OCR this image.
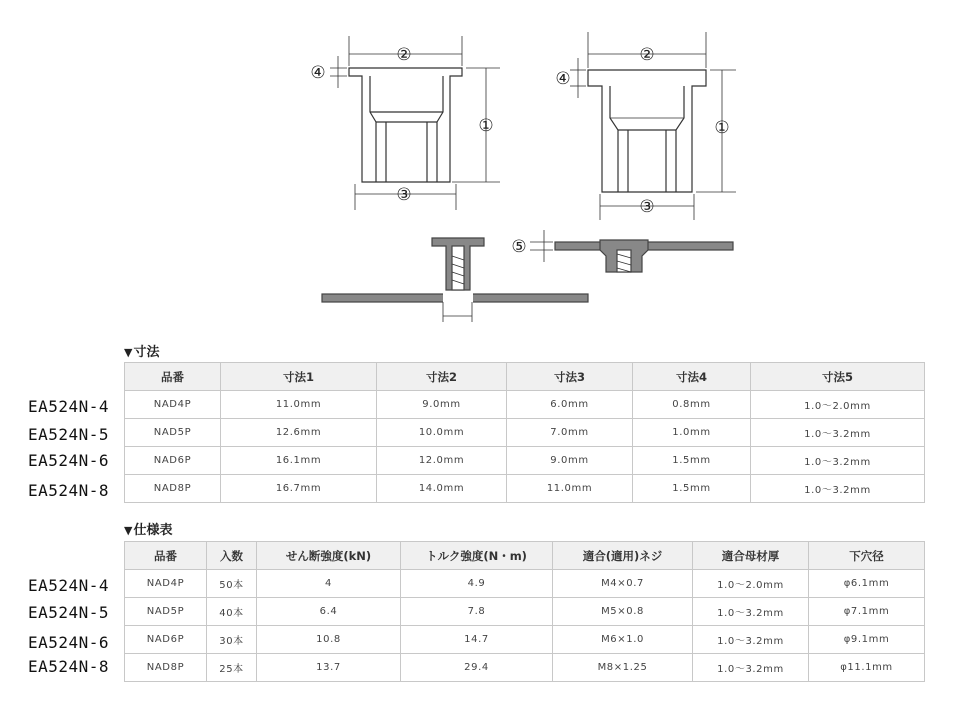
②
①
③
④
②
①
③
④
⑤
▼寸法
EA524N-4
EA524N-5
EA524N-6
EA524N-8
品番	寸法1	寸法2	寸法3	寸法4	寸法5
NAD4P	11.0mm	9.0mm	6.0mm	0.8mm	1.0～2.0mm
NAD5P	12.6mm	10.0mm	7.0mm	1.0mm	1.0～3.2mm
NAD6P	16.1mm	12.0mm	9.0mm	1.5mm	1.0～3.2mm
NAD8P	16.7mm	14.0mm	11.0mm	1.5mm	1.0～3.2mm
▼仕様表
EA524N-4
EA524N-5
EA524N-6
EA524N-8
品番	入数	せん断強度(kN)	トルク強度(N・m)	適合(適用)ネジ	適合母材厚	下穴径
NAD4P	50本	4	4.9	M4×0.7	1.0～2.0mm	φ6.1mm
NAD5P	40本	6.4	7.8	M5×0.8	1.0～3.2mm	φ7.1mm
NAD6P	30本	10.8	14.7	M6×1.0	1.0～3.2mm	φ9.1mm
NAD8P	25本	13.7	29.4	M8×1.25	1.0～3.2mm	φ11.1mm
